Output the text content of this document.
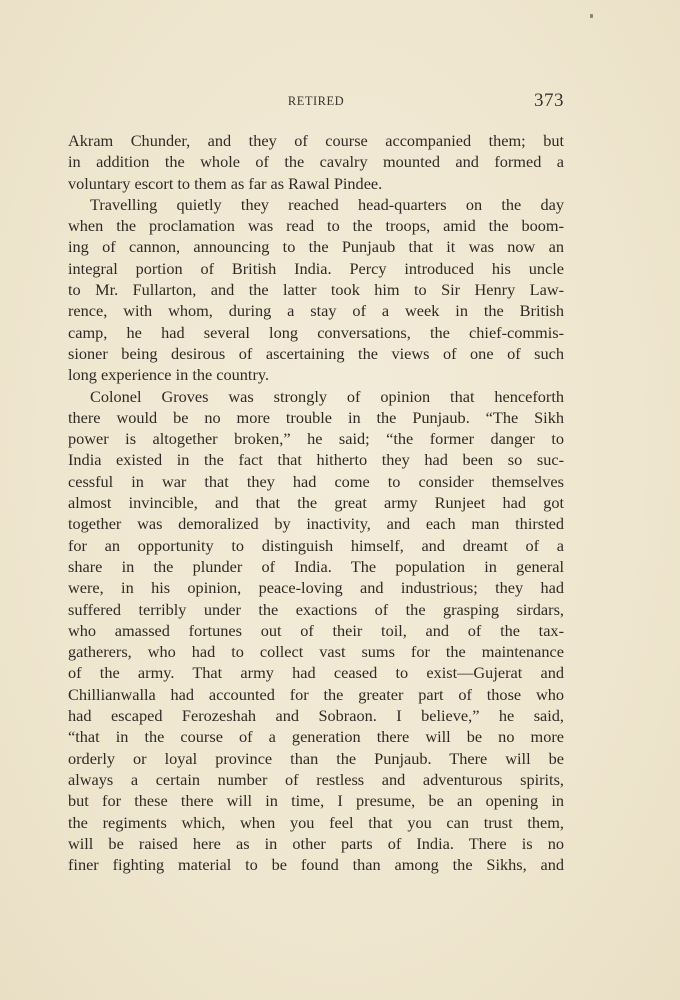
RETIRED	373
Akram Chunder, and they of course accompanied them; but
in addition the whole of the cavalry mounted and formed a
voluntary escort to them as far as Rawal Pindee.
Travelling quietly they reached head-quarters on the day
when the proclamation was read to the troops, amid the boom-
ing of cannon, announcing to the Punjaub that it was now an
integral portion of British India. Percy introduced his uncle
to Mr. Fullarton, and the latter took him to Sir Henry Law-
rence, with whom, during a stay of a week in the British
camp, he had several long conversations, the chief-commis-
sioner being desirous of ascertaining the views of one of such
long experience in the country.
Colonel Groves was strongly of opinion that henceforth
there would be no more trouble in the Punjaub. “The Sikh
power is altogether broken,” he said; “the former danger to
India existed in the fact that hitherto they had been so suc-
cessful in war that they had come to consider themselves
almost invincible, and that the great army Runjeet had got
together was demoralized by inactivity, and each man thirsted
for an opportunity to distinguish himself, and dreamt of a
share in the plunder of India. The population in general
were, in his opinion, peace-loving and industrious; they had
suffered terribly under the exactions of the grasping sirdars,
who amassed fortunes out of their toil, and of the tax-
gatherers, who had to collect vast sums for the maintenance
of the army. That army had ceased to exist—Gujerat and
Chillianwalla had accounted for the greater part of those who
had escaped Ferozeshah and Sobraon. I believe,” he said,
“that in the course of a generation there will be no more
orderly or loyal province than the Punjaub. There will be
always a certain number of restless and adventurous spirits,
but for these there will in time, I presume, be an opening in
the regiments which, when you feel that you can trust them,
will be raised here as in other parts of India. There is no
finer fighting material to be found than among the Sikhs, and
